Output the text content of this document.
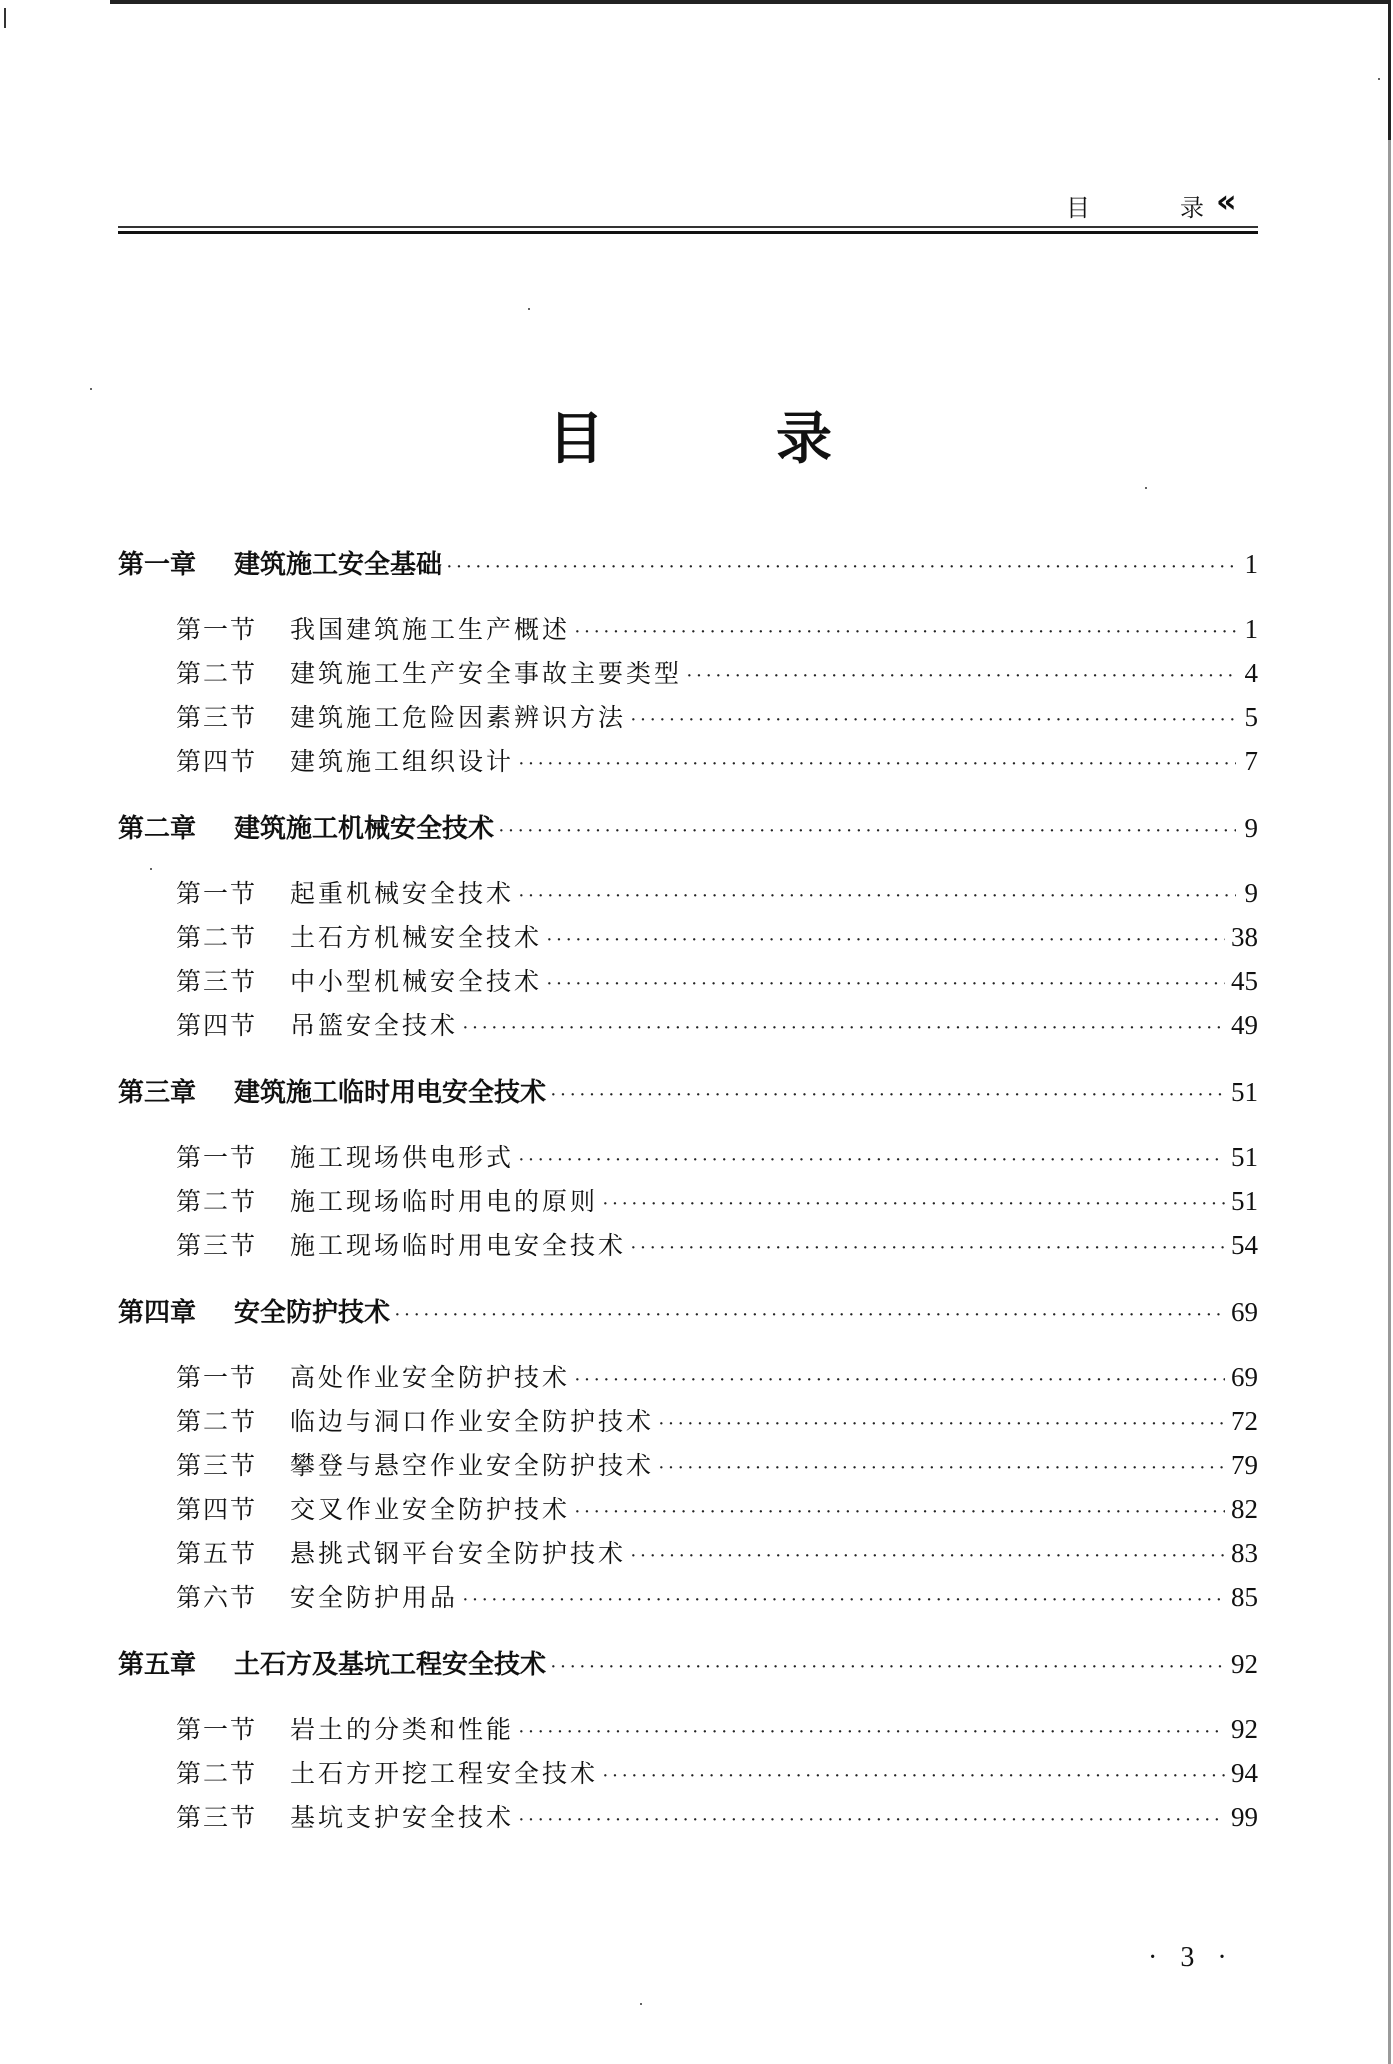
目	录 «
目	录
第一章	建筑施工安全基础 ·····	1
第一节	我国建筑施工生产概述 ·····	1
第二节	建筑施工生产安全事故主要类型 ·····	4
第三节	建筑施工危险因素辨识方法 ·····	5
第四节	建筑施工组织设计 ·····	7
第二章	建筑施工机械安全技术 ·····	9
第一节	起重机械安全技术 ·····	9
第二节	土石方机械安全技术 ·····	38
第三节	中小型机械安全技术 ·····	45
第四节	吊篮安全技术 ·····	49
第三章	建筑施工临时用电安全技术 ·····	51
第一节	施工现场供电形式 ·····	51
第二节	施工现场临时用电的原则 ·····	51
第三节	施工现场临时用电安全技术 ·····	54
第四章	安全防护技术 ·····	69
第一节	高处作业安全防护技术 ·····	69
第二节	临边与洞口作业安全防护技术 ·····	72
第三节	攀登与悬空作业安全防护技术 ·····	79
第四节	交叉作业安全防护技术 ·····	82
第五节	悬挑式钢平台安全防护技术 ·····	83
第六节	安全防护用品 ·····	85
第五章	土石方及基坑工程安全技术 ·····	92
第一节	岩土的分类和性能 ·····	92
第二节	土石方开挖工程安全技术 ·····	94
第三节	基坑支护安全技术 ·····	99
· 3 ·
